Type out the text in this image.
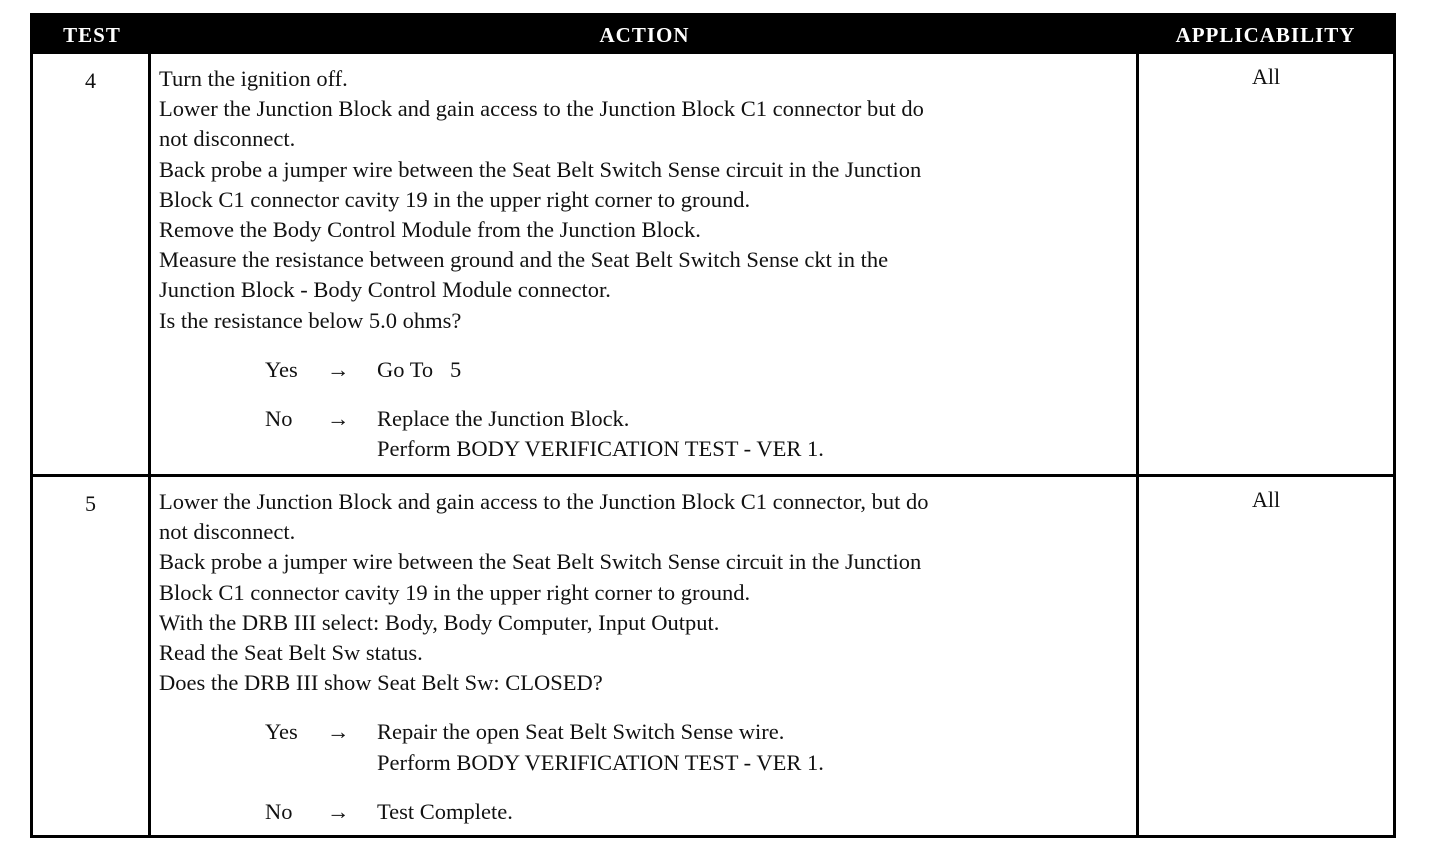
TEST	ACTION	APPLICABILITY
4	Turn the ignition off.
Lower the Junction Block and gain access to the Junction Block C1 connector but do
not disconnect.
Back probe a jumper wire between the Seat Belt Switch Sense circuit in the Junction
Block C1 connector cavity 19 in the upper right corner to ground.
Remove the Body Control Module from the Junction Block.
Measure the resistance between ground and the Seat Belt Switch Sense ckt in the
Junction Block - Body Control Module connector.
Is the resistance below 5.0 ohms?
Yes	→	Go To   5
No	→	Replace the Junction Block.
Perform BODY VERIFICATION TEST - VER 1.
All
5	Lower the Junction Block and gain access to the Junction Block C1 connector, but do
not disconnect.
Back probe a jumper wire between the Seat Belt Switch Sense circuit in the Junction
Block C1 connector cavity 19 in the upper right corner to ground.
With the DRB III select: Body, Body Computer, Input Output.
Read the Seat Belt Sw status.
Does the DRB III show Seat Belt Sw: CLOSED?
Yes	→	Repair the open Seat Belt Switch Sense wire.
Perform BODY VERIFICATION TEST - VER 1.
No	→	Test Complete.
All
